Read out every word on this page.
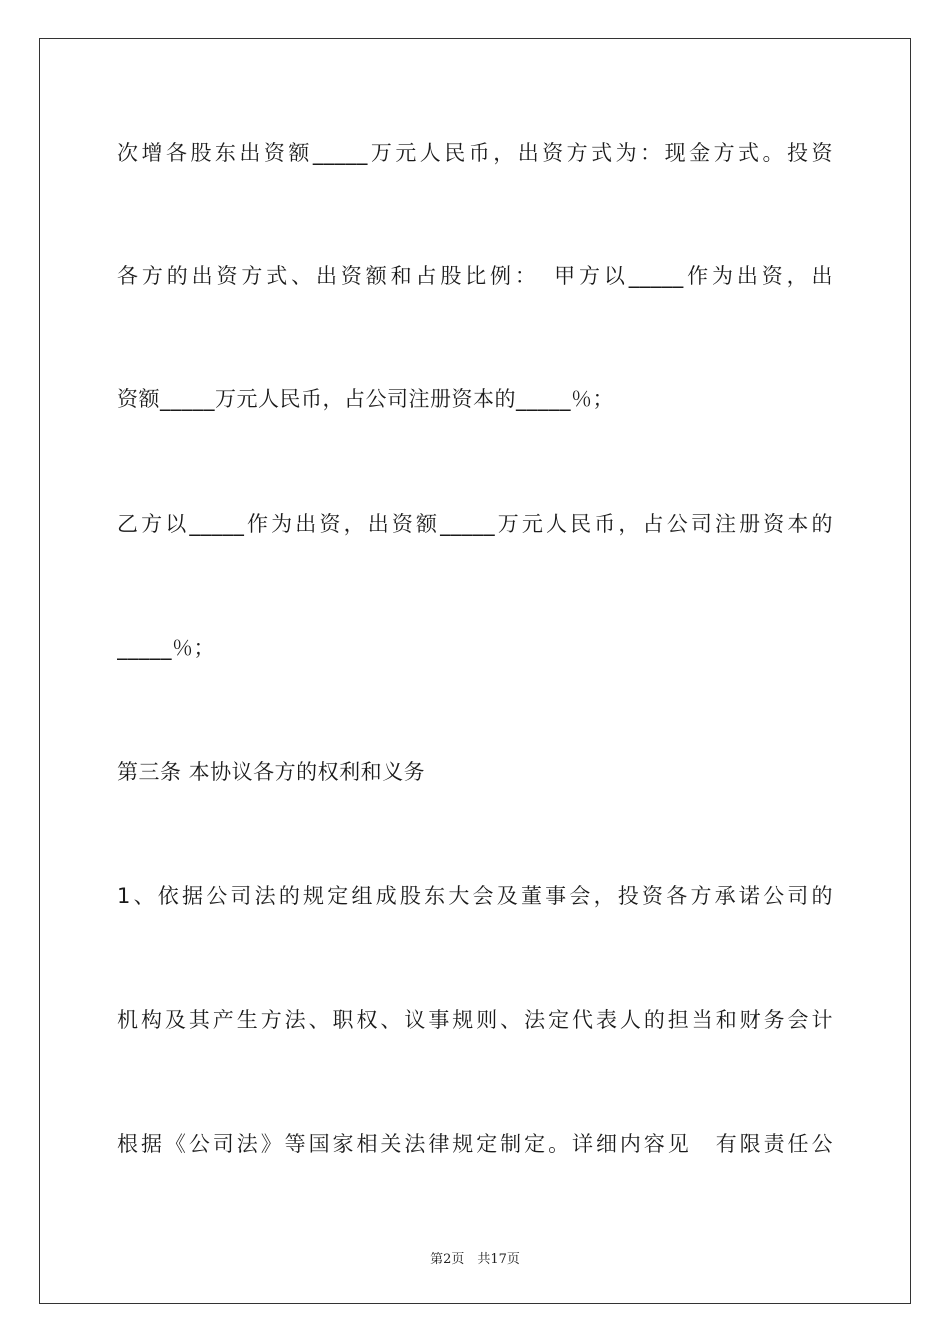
次增各股东出资额_____万元人民币，出资方式为：现金方式。投资
各方的出资方式、出资额和占股比例：　甲方以_____作为出资，出
资额_____万元人民币，占公司注册资本的_____％；
乙方以_____作为出资，出资额_____万元人民币，占公司注册资本的
_____％；
第三条 本协议各方的权利和义务
1、依据公司法的规定组成股东大会及董事会，投资各方承诺公司的
机构及其产生方法、职权、议事规则、法定代表人的担当和财务会计
根据《公司法》等国家相关法律规定制定。详细内容见　有限责任公
第2页　共17页
